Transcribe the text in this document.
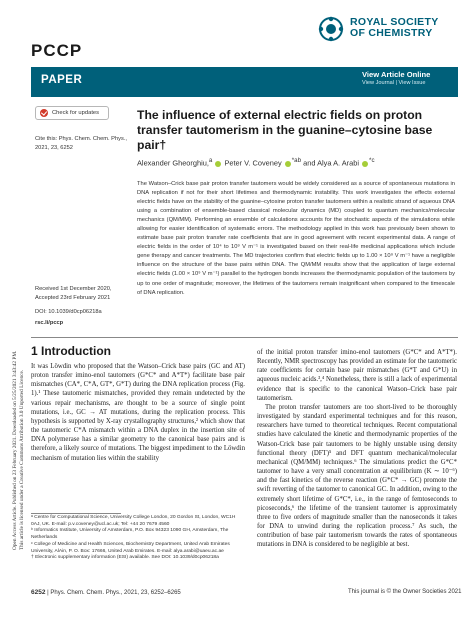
PCCP
ROYAL SOCIETY
OF CHEMISTRY
PAPER	View Article Online
View Journal | View Issue
Open Access Article. Published on 23 February 2021. Downloaded on 5/25/2021 3:43:42 PM. This article is licensed under a Creative Commons Attribution 3.0 Unported Licence.
Check for updates
Cite this: Phys. Chem. Chem. Phys., 2021, 23, 6252
Received 1st December 2020,
Accepted 23rd February 2021
DOI: 10.1039/d0cp06218a
rsc.li/pccp
The influence of external electric fields on proton transfer tautomerism in the guanine–cytosine base pair†
Alexander Gheorghiu,$^a$  Peter V. Coveney $^{*ab}$ and Alya A. Arabi $^{*c}$
The Watson–Crick base pair proton transfer tautomers would be widely considered as a source of spontaneous mutations in DNA replication if not for their short lifetimes and thermodynamic instability. This work investigates the effects external electric fields have on the stability of the guanine–cytosine proton transfer tautomers within a realistic strand of aqueous DNA using a combination of ensemble-based classical molecular dynamics (MD) coupled to quantum mechanics/molecular mechanics (QM/MM). Performing an ensemble of calculations accounts for the stochastic aspects of the simulations while allowing for easier identification of systematic errors. The methodology applied in this work has previously been shown to estimate base pair proton transfer rate coefficients that are in good agreement with recent experimental data. A range of electric fields in the order of 10⁴ to 10⁹ V m⁻¹ is investigated based on their real-life medicinal applications which include gene therapy and cancer treatments. The MD trajectories confirm that electric fields up to 1.00 × 10⁹ V m⁻¹ have a negligible influence on the structure of the base pairs within DNA. The QM/MM results show that the application of large external electric fields (1.00 × 10⁹ V m⁻¹) parallel to the hydrogen bonds increases the thermodynamic population of the tautomers by up to one order of magnitude; moreover, the lifetimes of the tautomers remain insignificant when compared to the timescale of DNA replication.
1 Introduction

It was Löwdin who proposed that the Watson–Crick base pairs (GC and AT) proton transfer imino-enol tautomers (G*C* and A*T*) facilitate base pair mismatches (CA*, C*A, GT*, G*T) during the DNA replication process (Fig. 1).¹ These tautomeric mismatches, provided they remain undetected by the various repair mechanisms, are thought to be a source of single point mutations, i.e., GC → AT mutations, during the replication process. This hypothesis is supported by X-ray crystallography structures,² which show that the tautomeric C*A mismatch within a DNA duplex in the insertion site of DNA polymerase has a similar geometry to the canonical base pairs and is therefore, a likely source of mutations. The biggest impediment to the Löwdin mechanism of mutation lies within the stability

of the initial proton transfer imino-enol tautomers (G*C* and A*T*). Recently, NMR spectroscopy has provided an estimate for the tautomeric rate coefficients for certain base pair mismatches (G*T and G*U) in aqueous nucleic acids.³,⁴ Nonetheless, there is still a lack of experimental evidence that is specific to the canonical Watson–Crick base pair tautomerism.

The proton transfer tautomers are too short-lived to be thoroughly investigated by standard experimental techniques and for this reason, researchers have turned to theoretical techniques. Recent computational studies have calculated the kinetic and thermodynamic properties of the Watson-Crick base pair tautomers to be highly unstable using density functional theory (DFT)⁵ and DFT quantum mechanical/molecular mechanical (QM/MM) techniques.⁶ The simulations predict the G*C* tautomer to have a very small concentration at equilibrium (K ∼ 10⁻⁶) and the fast kinetics of the reverse reaction (G*C* → GC) promote the swift reverting of the tautomer to canonical GC. In addition, owing to the extremely short lifetime of G*C*, i.e., in the range of femtoseconds to picoseconds,⁶ the lifetime of the transient tautomer is approximately three to five orders of magnitude smaller than the nanoseconds it takes for DNA to unwind during the replication process.⁷ As such, the contribution of base pair tautomerism towards the rates of spontaneous mutations in DNA is considered to be negligible at best.

ᵃ Centre for Computational Science, University College London, 20 Gordon St, London, WC1H 0AJ, UK. E-mail: p.v.coveney@ucl.ac.uk; Tel: +44 20 7679 4560

ᵇ Informatics Institute, University of Amsterdam, P.O. Box 94323 1090 GH, Amsterdam, The Netherlands

ᶜ College of Medicine and Health Sciences, Biochemistry Department, United Arab Emirates University, AlAin, P. O. Box: 17666, United Arab Emirates. E-mail: alya.arabi@uaeu.ac.ae

† Electronic supplementary information (ESI) available. See DOI: 10.1039/d0cp06218a

6252 | Phys. Chem. Chem. Phys., 2021, 23, 6252–6265	This journal is © the Owner Societies 2021
